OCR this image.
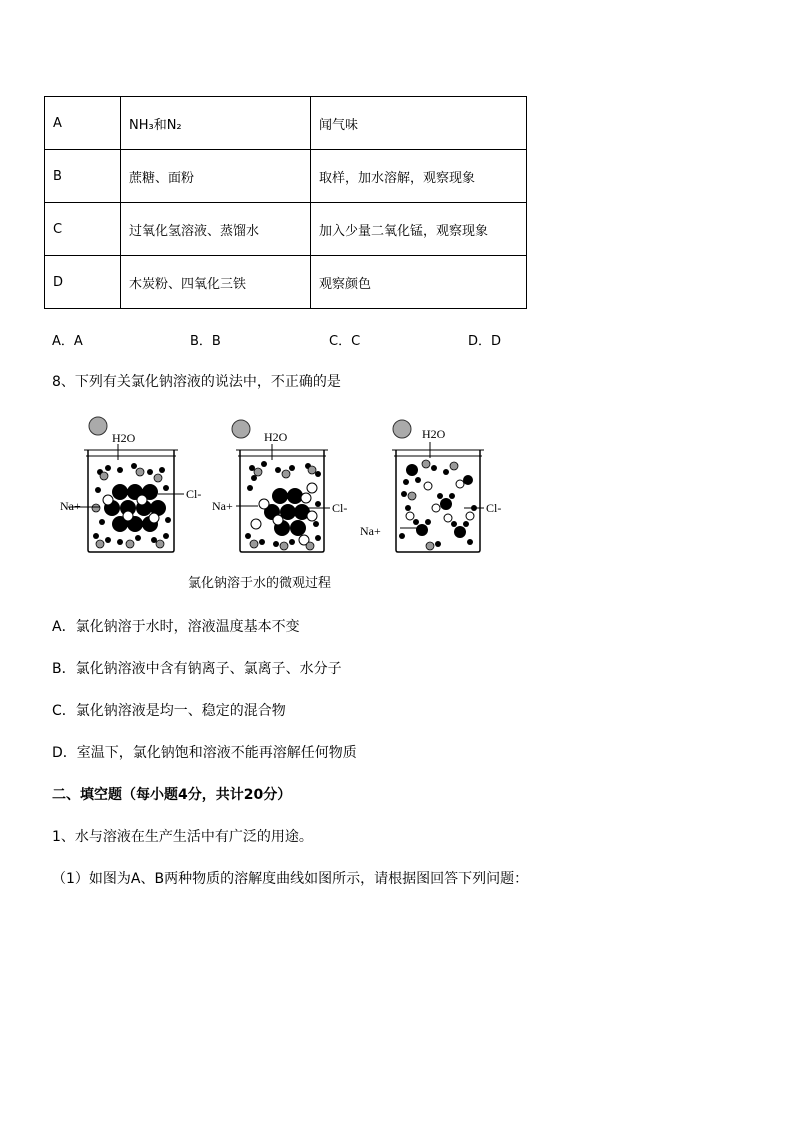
A	NH₃和N₂	闻气味
B	蔗糖、面粉	取样，加水溶解，观察现象
C	过氧化氢溶液、蒸馏水	加入少量二氧化锰，观察现象
D	木炭粉、四氧化三铁	观察颜色
A．A	B．B	C．C	D．D
8、下列有关氯化钠溶液的说法中，不正确的是
H2O
Na+
Cl-
H2O
Na+	Cl-
H2O
Na+
Cl-
氯化钠溶于水的微观过程
A．氯化钠溶于水时，溶液温度基本不变
B．氯化钠溶液中含有钠离子、氯离子、水分子
C．氯化钠溶液是均一、稳定的混合物
D．室温下，氯化钠饱和溶液不能再溶解任何物质
二、填空题（每小题4分，共计20分）
1、水与溶液在生产生活中有广泛的用途。
（1）如图为A、B两种物质的溶解度曲线如图所示，请根据图回答下列问题：
